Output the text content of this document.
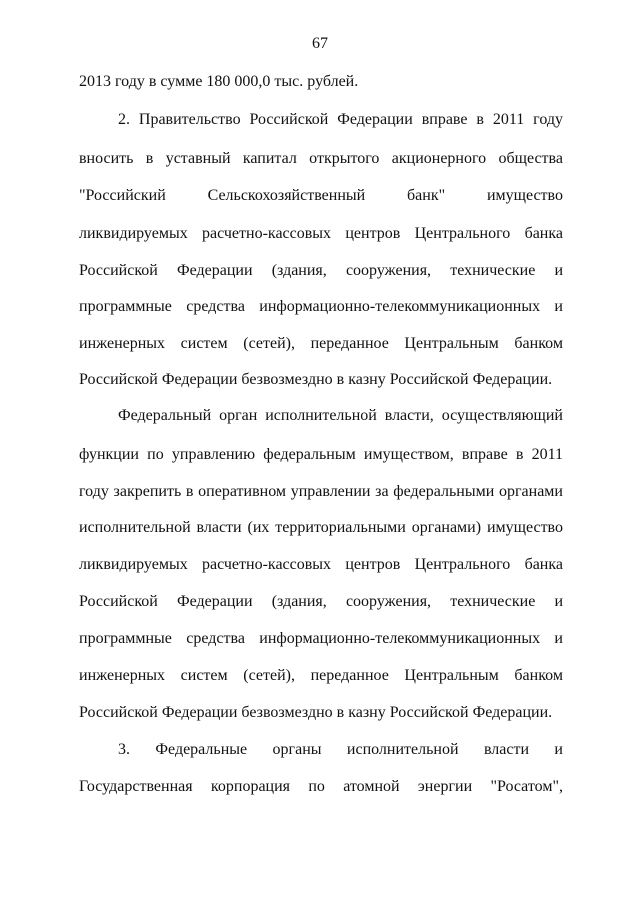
67
2013 году в сумме 180 000,0 тыс. рублей.
2. Правительство Российской Федерации вправе в 2011 году
вносить в уставный капитал открытого акционерного общества
"Российский Сельскохозяйственный банк" имущество
ликвидируемых расчетно-кассовых центров Центрального банка
Российской Федерации (здания, сооружения, технические и
программные средства информационно-телекоммуникационных и
инженерных систем (сетей), переданное Центральным банком
Российской Федерации безвозмездно в казну Российской Федерации.
Федеральный орган исполнительной власти, осуществляющий
функции по управлению федеральным имуществом, вправе в 2011
году закрепить в оперативном управлении за федеральными органами
исполнительной власти (их территориальными органами) имущество
ликвидируемых расчетно-кассовых центров Центрального банка
Российской Федерации (здания, сооружения, технические и
программные средства информационно-телекоммуникационных и
инженерных систем (сетей), переданное Центральным банком
Российской Федерации безвозмездно в казну Российской Федерации.
3. Федеральные органы исполнительной власти и
Государственная корпорация по атомной энергии "Росатом",
